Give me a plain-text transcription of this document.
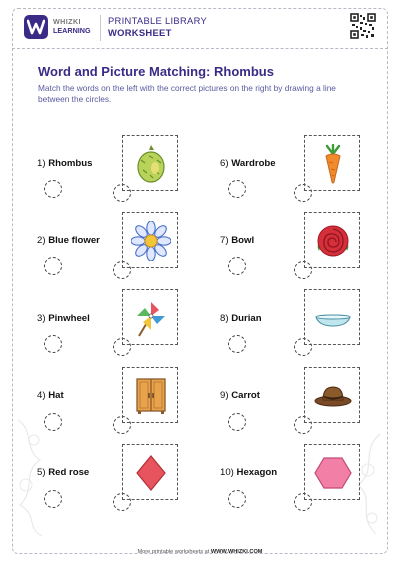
WHIZKI
LEARNING
PRINTABLE LIBRARY
WORKSHEET
Word and Picture Matching: Rhombus
Match the words on the left with the correct pictures on the right by drawing a line between the circles.
1) Rhombus	6) Wardrobe
2) Blue flower	7) Bowl
3) Pinwheel	8) Durian
4) Hat	9) Carrot
5) Red rose	10) Hexagon
More printable worksheets at WWW.WHIZKI.COM
